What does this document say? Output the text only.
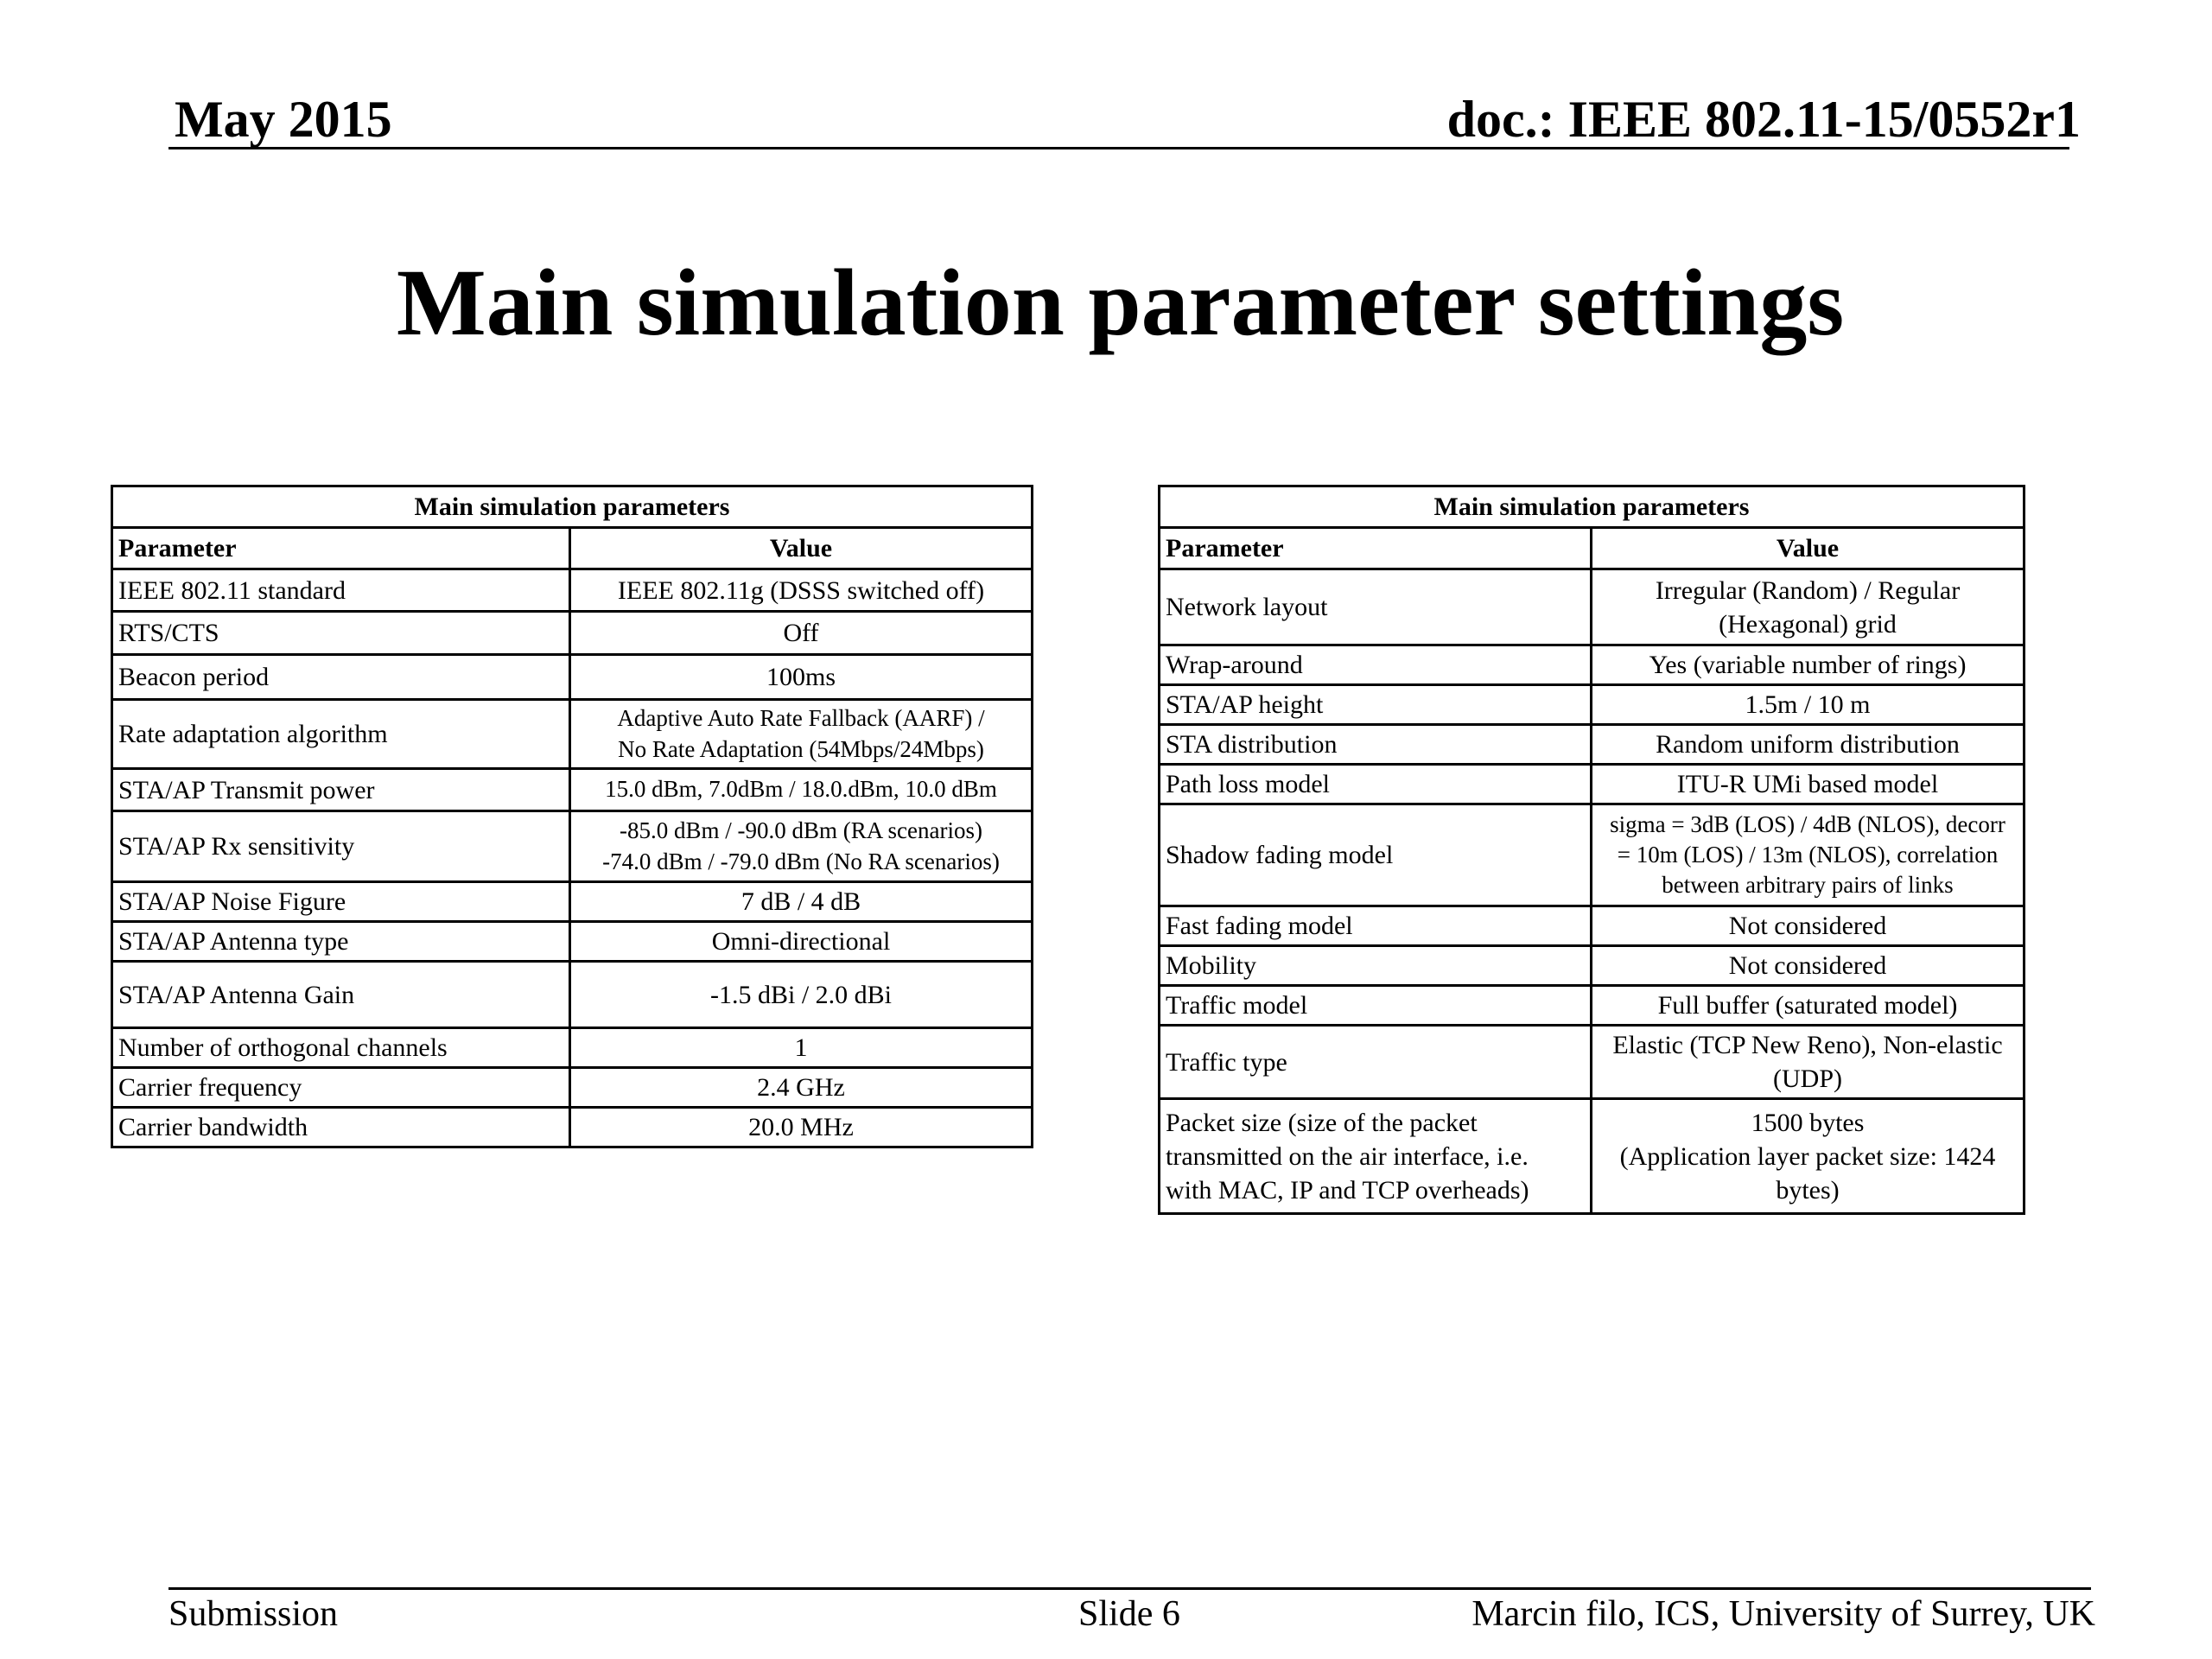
May 2015	doc.: IEEE 802.11-15/0552r1
Main simulation parameter settings
Main simulation parameters	
Parameter	Value
IEEE 802.11 standard	IEEE 802.11g (DSSS switched off)

RTS/CTS	Off

Beacon period	100ms

Rate adaptation algorithm	Adaptive Auto Rate Fallback (AARF) /
No Rate Adaptation (54Mbps/24Mbps)

STA/AP Transmit power	15.0 dBm, 7.0dBm / 18.0.dBm, 10.0 dBm

STA/AP Rx sensitivity	-85.0 dBm / -90.0 dBm (RA scenarios)
-74.0 dBm / -79.0 dBm (No RA scenarios)

STA/AP Noise Figure	7 dB / 4 dB

STA/AP Antenna type	Omni-directional

STA/AP Antenna Gain	-1.5 dBi / 2.0 dBi

Number of orthogonal channels	1

Carrier frequency	2.4 GHz

Carrier bandwidth	20.0 MHz
Main simulation parameters	
Parameter	Value

Network layout	Irregular (Random) / Regular
(Hexagonal) grid

Wrap-around	Yes (variable number of rings)

STA/AP height	1.5m / 10 m

STA distribution	Random uniform distribution

Path loss model	ITU-R UMi based model

Shadow fading model	sigma = 3dB (LOS) / 4dB (NLOS), decorr
= 10m (LOS) / 13m (NLOS), correlation
between arbitrary pairs of links

Fast fading model	Not considered

Mobility	Not considered

Traffic model	Full buffer (saturated model)

Traffic type	Elastic (TCP New Reno), Non-elastic
(UDP)

Packet size (size of the packet
transmitted on the air interface, i.e.
with MAC, IP and TCP overheads)	1500 bytes
(Application layer packet size: 1424
bytes)
Submission	Slide 6	Marcin filo, ICS, University of Surrey, UK
